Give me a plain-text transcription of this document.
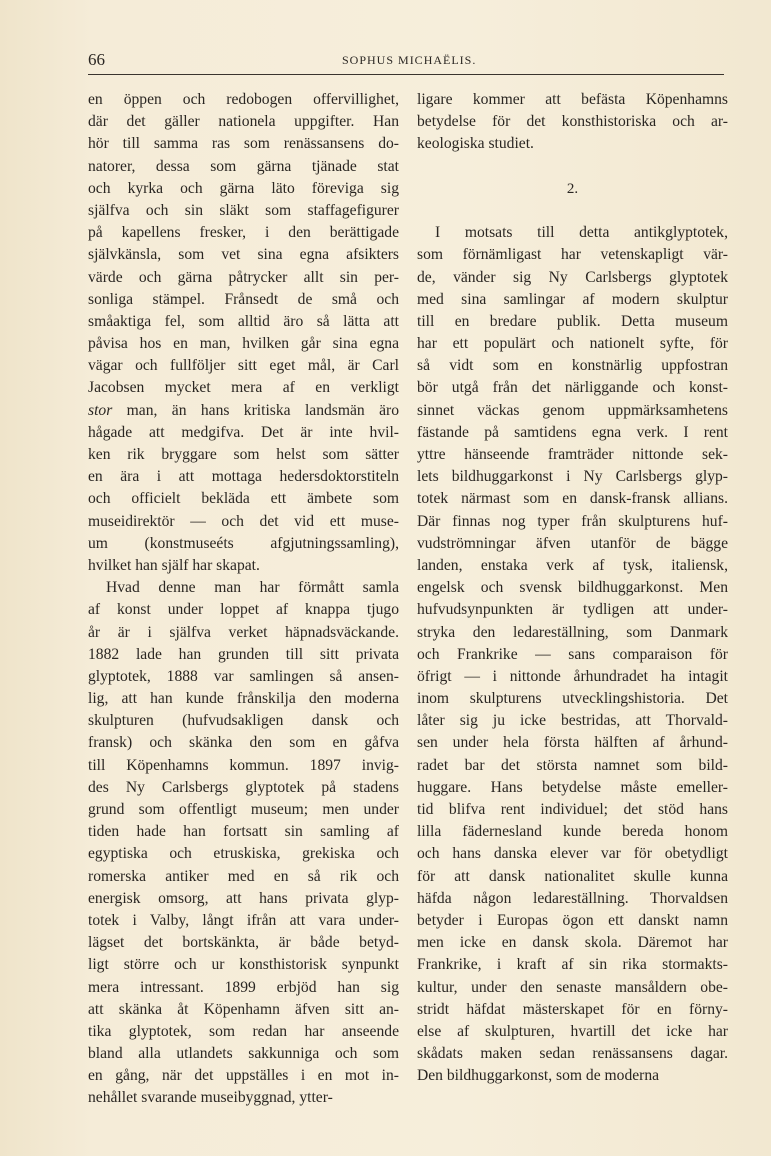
66	SOPHUS MICHAËLIS.
en öppen och redobogen offervillighet,
där det gäller nationela uppgifter. Han
hör till samma ras som renässansens do-
natorer, dessa som gärna tjänade stat
och kyrka och gärna läto föreviga sig
själfva och sin släkt som staffagefigurer
på kapellens fresker, i den berättigade
självkänsla, som vet sina egna afsikters
värde och gärna påtrycker allt sin per-
sonliga stämpel. Frånsedt de små och
småaktiga fel, som alltid äro så lätta att
påvisa hos en man, hvilken går sina egna
vägar och fullföljer sitt eget mål, är Carl
Jacobsen mycket mera af en verkligt
stor man, än hans kritiska landsmän äro
hågade att medgifva. Det är inte hvil-
ken rik bryggare som helst som sätter
en ära i att mottaga hedersdoktorstiteln
och officielt bekläda ett ämbete som
museidirektör — och det vid ett muse-
um (konstmuseéts afgjutningssamling),
hvilket han själf har skapat.
Hvad denne man har förmått samla
af konst under loppet af knappa tjugo
år är i själfva verket häpnadsväckande.
1882 lade han grunden till sitt privata
glyptotek, 1888 var samlingen så ansen-
lig, att han kunde frånskilja den moderna
skulpturen (hufvudsakligen dansk och
fransk) och skänka den som en gåfva
till Köpenhamns kommun. 1897 invig-
des Ny Carlsbergs glyptotek på stadens
grund som offentligt museum; men under
tiden hade han fortsatt sin samling af
egyptiska och etruskiska, grekiska och
romerska antiker med en så rik och
energisk omsorg, att hans privata glyp-
totek i Valby, långt ifrån att vara under-
lägset det bortskänkta, är både betyd-
ligt större och ur konsthistorisk synpunkt
mera intressant. 1899 erbjöd han sig
att skänka åt Köpenhamn äfven sitt an-
tika glyptotek, som redan har anseende
bland alla utlandets sakkunniga och som
en gång, när det uppställes i en mot in-
nehållet svarande museibyggnad, ytter-
ligare kommer att befästa Köpenhamns
betydelse för det konsthistoriska och ar-
keologiska studiet.
2.
I motsats till detta antikglyptotek,
som förnämligast har vetenskapligt vär-
de, vänder sig Ny Carlsbergs glyptotek
med sina samlingar af modern skulptur
till en bredare publik. Detta museum
har ett populärt och nationelt syfte, för
så vidt som en konstnärlig uppfostran
bör utgå från det närliggande och konst-
sinnet väckas genom uppmärksamhetens
fästande på samtidens egna verk. I rent
yttre hänseende framträder nittonde sek-
lets bildhuggarkonst i Ny Carlsbergs glyp-
totek närmast som en dansk-fransk allians.
Där finnas nog typer från skulpturens huf-
vudströmningar äfven utanför de bägge
landen, enstaka verk af tysk, italiensk,
engelsk och svensk bildhuggarkonst. Men
hufvudsynpunkten är tydligen att under-
stryka den ledareställning, som Danmark
och Frankrike — sans comparaison för
öfrigt — i nittonde århundradet ha intagit
inom skulpturens utvecklingshistoria. Det
låter sig ju icke bestridas, att Thorvald-
sen under hela första hälften af århund-
radet bar det största namnet som bild-
huggare. Hans betydelse måste emeller-
tid blifva rent individuel; det stöd hans
lilla fädernesland kunde bereda honom
och hans danska elever var för obetydligt
för att dansk nationalitet skulle kunna
häfda någon ledareställning. Thorvaldsen
betyder i Europas ögon ett danskt namn
men icke en dansk skola. Däremot har
Frankrike, i kraft af sin rika stormakts-
kultur, under den senaste mansåldern obe-
stridt häfdat mästerskapet för en förny-
else af skulpturen, hvartill det icke har
skådats maken sedan renässansens dagar.
Den bildhuggarkonst, som de moderna
